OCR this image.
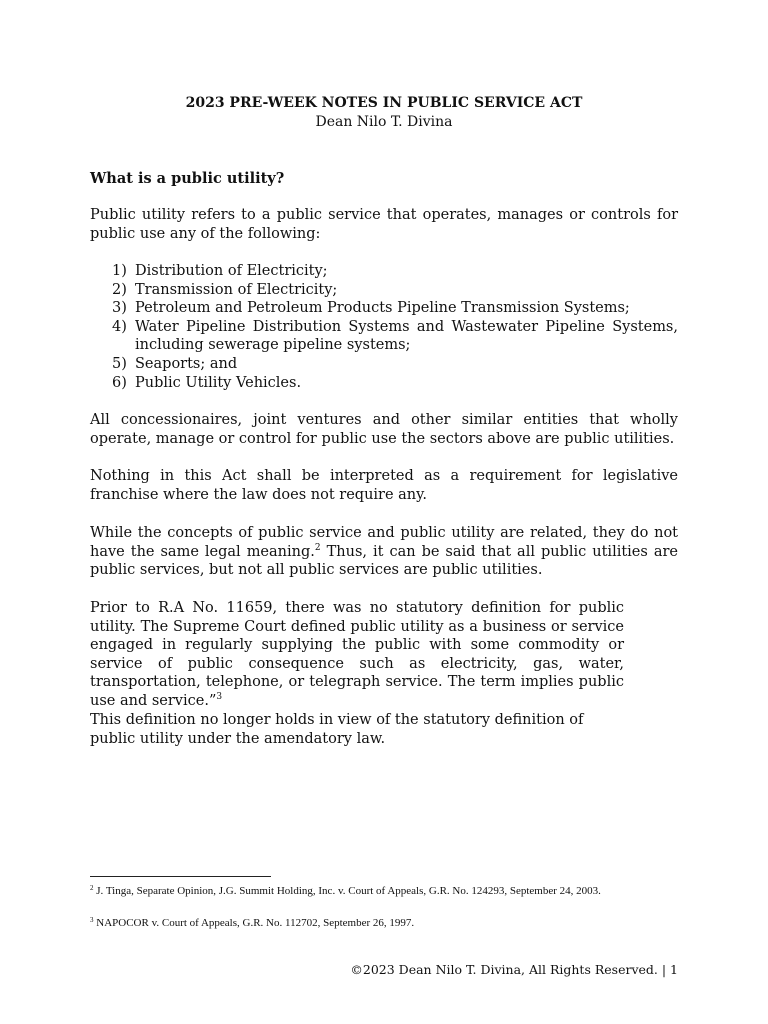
2023 PRE-WEEK NOTES IN PUBLIC SERVICE ACT
Dean Nilo T. Divina
What is a public utility?
Public utility refers to a public service that operates, manages or controls for public use any of the following:
1) Distribution of Electricity;
2) Transmission of Electricity;
3) Petroleum and Petroleum Products Pipeline Transmission Systems;
4) Water Pipeline Distribution Systems and Wastewater Pipeline Systems, including sewerage pipeline systems;
5) Seaports; and
6) Public Utility Vehicles.
All concessionaires, joint ventures and other similar entities that wholly operate, manage or control for public use the sectors above are public utilities.
Nothing in this Act shall be interpreted as a requirement for legislative franchise where the law does not require any.
While the concepts of public service and public utility are related, they do not have the same legal meaning.$^2$ Thus, it can be said that all public utilities are public services, but not all public services are public utilities.
Prior to R.A No. 11659, there was no statutory definition for public utility. The Supreme Court defined public utility as a business or service engaged in regularly supplying the public with some commodity or service of public consequence such as electricity, gas, water, transportation, telephone, or telegraph service. The term implies public use and service.”$^3$
This definition no longer holds in view of the statutory definition of public utility under the amendatory law.
$^2$ J. Tinga, Separate Opinion, J.G. Summit Holding, Inc. v. Court of Appeals, G.R. No. 124293, September 24, 2003.
$^3$ NAPOCOR v. Court of Appeals, G.R. No. 112702, September 26, 1997.
©2023 Dean Nilo T. Divina, All Rights Reserved. | 1
